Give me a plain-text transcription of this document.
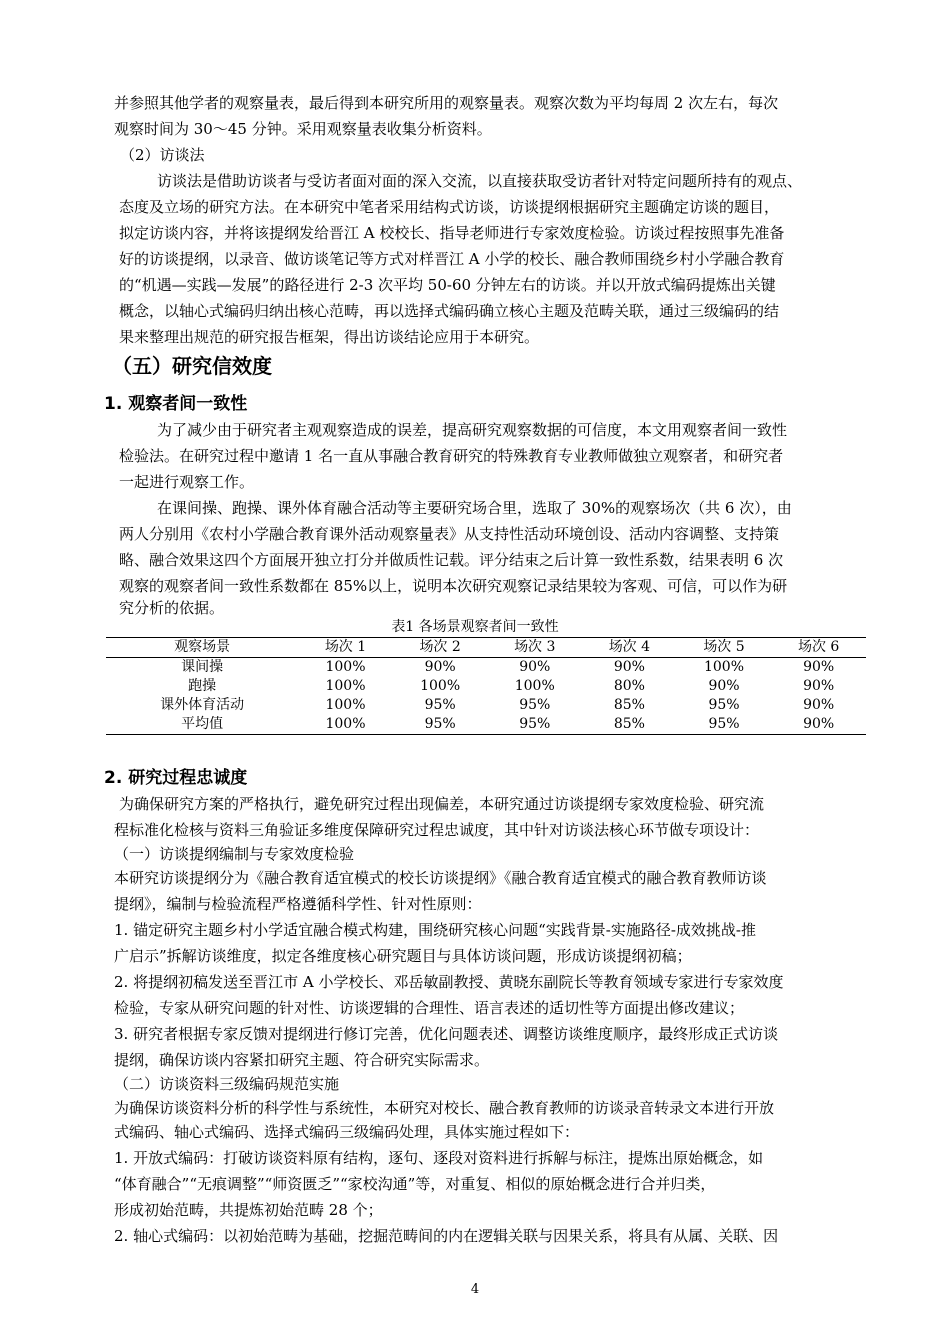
并参照其他学者的观察量表，最后得到本研究所用的观察量表。观察次数为平均每周 2 次左右，每次
观察时间为 30～45 分钟。采用观察量表收集分析资料。
（2）访谈法
访谈法是借助访谈者与受访者面对面的深入交流，以直接获取受访者针对特定问题所持有的观点、
态度及立场的研究方法。在本研究中笔者采用结构式访谈，访谈提纲根据研究主题确定访谈的题目，
拟定访谈内容，并将该提纲发给晋江 A 校校长、指导老师进行专家效度检验。访谈过程按照事先准备
好的访谈提纲，以录音、做访谈笔记等方式对样晋江 A 小学的校长、融合教师围绕乡村小学融合教育
的“机遇—实践—发展”的路径进行 2-3 次平均 50-60 分钟左右的访谈。并以开放式编码提炼出关键
概念，以轴心式编码归纳出核心范畴，再以选择式编码确立核心主题及范畴关联，通过三级编码的结
果来整理出规范的研究报告框架，得出访谈结论应用于本研究。
（五）研究信效度
1. 观察者间一致性
为了减少由于研究者主观观察造成的误差，提高研究观察数据的可信度，本文用观察者间一致性
检验法。在研究过程中邀请 1 名一直从事融合教育研究的特殊教育专业教师做独立观察者，和研究者
一起进行观察工作。
在课间操、跑操、课外体育融合活动等主要研究场合里，选取了 30%的观察场次（共 6 次），由
两人分别用《农村小学融合教育课外活动观察量表》从支持性活动环境创设、活动内容调整、支持策
略、融合效果这四个方面展开独立打分并做质性记载。评分结束之后计算一致性系数，结果表明 6 次
观察的观察者间一致性系数都在 85%以上，说明本次研究观察记录结果较为客观、可信，可以作为研
究分析的依据。
表1 各场景观察者间一致性
观察场景	场次 1	场次 2	场次 3	场次 4	场次 5	场次 6
课间操	100%	90%	90%	90%	100%	90%
跑操	100%	100%	100%	80%	90%	90%
课外体育活动	100%	95%	95%	85%	95%	90%
平均值	100%	95%	95%	85%	95%	90%
2. 研究过程忠诚度
为确保研究方案的严格执行，避免研究过程出现偏差，本研究通过访谈提纲专家效度检验、研究流
程标准化检核与资料三角验证多维度保障研究过程忠诚度，其中针对访谈法核心环节做专项设计：
（一）访谈提纲编制与专家效度检验
本研究访谈提纲分为《融合教育适宜模式的校长访谈提纲》《融合教育适宜模式的融合教育教师访谈
提纲》，编制与检验流程严格遵循科学性、针对性原则：
1. 锚定研究主题乡村小学适宜融合模式构建，围绕研究核心问题“实践背景-实施路径-成效挑战-推
广启示”拆解访谈维度，拟定各维度核心研究题目与具体访谈问题，形成访谈提纲初稿；
2. 将提纲初稿发送至晋江市 A 小学校长、邓岳敏副教授、黄晓东副院长等教育领域专家进行专家效度
检验，专家从研究问题的针对性、访谈逻辑的合理性、语言表述的适切性等方面提出修改建议；
3. 研究者根据专家反馈对提纲进行修订完善，优化问题表述、调整访谈维度顺序，最终形成正式访谈
提纲，确保访谈内容紧扣研究主题、符合研究实际需求。
（二）访谈资料三级编码规范实施
为确保访谈资料分析的科学性与系统性，本研究对校长、融合教育教师的访谈录音转录文本进行开放
式编码、轴心式编码、选择式编码三级编码处理，具体实施过程如下：
1. 开放式编码：打破访谈资料原有结构，逐句、逐段对资料进行拆解与标注，提炼出原始概念，如
“体育融合”“无痕调整”“师资匮乏”“家校沟通”等，对重复、相似的原始概念进行合并归类，
形成初始范畴，共提炼初始范畴 28 个；
2. 轴心式编码：以初始范畴为基础，挖掘范畴间的内在逻辑关联与因果关系，将具有从属、关联、因
4
